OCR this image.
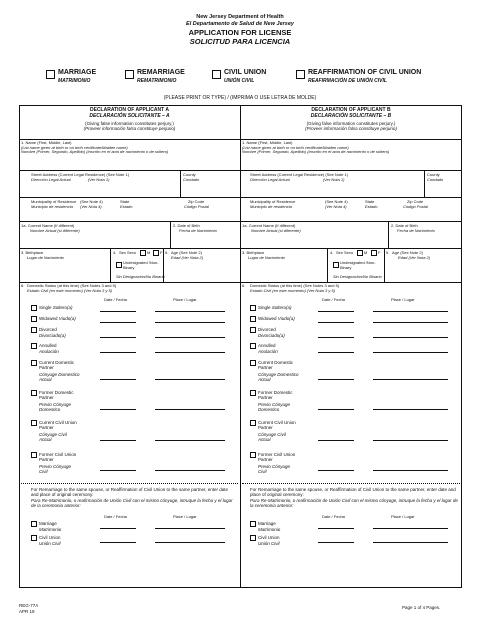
New Jersey Department of Health
El Departamento de Salud de New Jersey
APPLICATION FOR LICENSE
SOLICITUD PARA LICENCIA
MARRIAGE
MATRIMONIO
REMARRIAGE
REMATRIMONIO
CIVIL UNION
UNIÓN CIVIL
REAFFIRMATION OF CIVIL UNION
REAFIRMACIÓN DE UNIÓN CIVIL
(PLEASE PRINT OR TYPE) / (IMPRIMA O USE LETRA DE MOLDE)
DECLARATION OF APPLICANT A
DECLARACIÓN SOLICITANTE – A
(Giving false information constitutes perjury.)
(Proveer información falsa constituye perjurio)
1. Name (First, Middle, Last)
(List name given at birth or on birth certificate/Maiden name)
Nombre (Primer, Segundo, Apellido) (Inscrito en el acta de nacimiento o de soltero)
Street Address (Current Legal Residence) (See Note 1)
Dirección Legal Actual	(Ver Nota 1)
County
Condado
Municipality of Residence (See Note 4)	State	Zip Code
Municipio de residencia (Ver Nota 4)	Estado	Código Postal
1a. Current Name (If different)
Nombre Actual (si diferente)
2. Date of Birth
Fecha de Nacimiento
3. Birthplace
Lugar de Nacimiento
4. Sex Sexo	M F
Undesignated /Non-Binary
Sin Designación/No Binario
5. Age (See Note 2)
Edad (Ver Nota 2)
6. Domestic Status (at this time) (See Notes 3 and 5)
Estado Civil (en este momento) (Ver Nota 3 y 5)
Date / Fecha	Place / Lugar
Single Soltero(a)
Widowed Viudo(a)
Divorced
Divorciado(a)
Annulled
Anulación
Current Domestic Partner
Cónyuge Domestico Actual
Former Domestic Partner
Previo Cónyuge Domestico
Current Civil Union Partner
Cónyuge Civil Actual
Former Civil Union Partner
Previo Cónyuge Civil
For Remarriage to the same spouse, or Reaffirmation of Civil Union to the same partner, enter date and place of original ceremony:
Para Re-Matrimonio, o reafirmación de Unión Civil con el mismo cónyuge, intruque la fecha y el lugar de la ceremonia anterior:
Date / Fecha	Place / Lugar
Marriage
Matrimonio
Civil Union
Unión Civil
DECLARATION OF APPLICANT B
DECLARACIÓN SOLICITANTE – B
(Giving false information constitutes perjury.)
(Proveer información falsa constituye perjurio)
1. Name (First, Middle, Last)
(List name given at birth or on birth certificate/Maiden name)
Nombre (Primer, Segundo, Apellido) (Inscrito en el acta de nacimiento o de soltero)
Street Address (Current Legal Residence) (See Note 1)
Dirección Legal Actual	(Ver Nota 1)
County
Condado
Municipality of Residence	(See Note 4)	State	Zip Code
Municipio de residencia	(Ver Nota 4)	Estado	Código Postal
1a. Current Name (If different)
Nombre Actual (si diferente)
2. Date of Birth
Fecha de Nacimiento
3. Birthplace
Lugar de Nacimiento
4. Sex Sexo	M	F
Undesignated /Non-Binary
Sin Designación/No Binario
5. Age (See Note 2)
Edad (Ver Nota 2)
6. Domestic Status (at this time) (See Notes 3 and 5)
Estado Civil (en este momento) (Ver Nota 3 y 5)
Date / Fecha	Place / Lugar
Single Soltero(a)
Widowed Viudo(a)
Divorced
Divorciado(a)
Annulled
Anulación
Current Domestic Partner
Cónyuge Domestico Actual
Former Domestic Partner
Previo Cónyuge Domestico
Current Civil Union Partner
Cónyuge Civil Actual
Former Civil Union Partner
Previo Cónyuge Civil
For Remarriage to the same spouse, or Reaffirmation of Civil Union to the same partner, enter date and place of original ceremony:
Para Re-Matrimonio, o reafirmación de Unión Civil con el mismo cónyuge, intruque la fecha y el lugar de la ceremonia anterior:
Date / Fecha	Place / Lugar
Marriage
Matrimonio
Civil Union
Unión Civil
REG-77A
APR 19
Page 1 of 4 Pages.
